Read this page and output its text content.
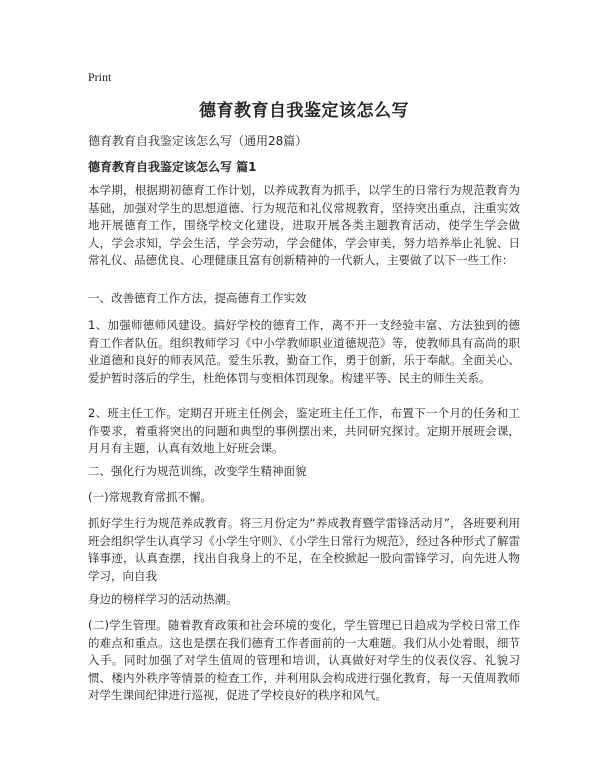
Print
德育教育自我鉴定该怎么写
德育教育自我鉴定该怎么写（通用28篇）
德育教育自我鉴定该怎么写 篇1

本学期，根据期初德育工作计划，以养成教育为抓手，以学生的日常行为规范教育为基础，加强对学生的思想道德、行为规范和礼仪常规教育，坚持突出重点，注重实效地开展德育工作，围绕学校文化建设，进取开展各类主题教育活动，使学生学会做人，学会求知，学会生活，学会劳动，学会健体，学会审美，努力培养举止礼貌、日常礼仪、品德优良、心理健康且富有创新精神的一代新人，主要做了以下一些工作：

一、改善德育工作方法，提高德育工作实效

1、加强师德师风建设。搞好学校的德育工作，离不开一支经验丰富、方法独到的德育工作者队伍。组织教师学习《中小学教师职业道德规范》等，使教师具有高尚的职业道德和良好的师表风范。爱生乐教，勤奋工作，勇于创新，乐于奉献。全面关心、爱护暂时落后的学生，杜绝体罚与变相体罚现象。构建平等、民主的师生关系。

2、班主任工作。定期召开班主任例会，鉴定班主任工作，布置下一个月的任务和工作要求，着重将突出的问题和典型的事例摆出来，共同研究探讨。定期开展班会课，月月有主题，认真有效地上好班会课。

二、强化行为规范训练，改变学生精神面貌

(一)常规教育常抓不懈。

抓好学生行为规范养成教育。将三月份定为“养成教育暨学雷锋活动月”，各班要利用班会组织学生认真学习《小学生守则》、《小学生日常行为规范》，经过各种形式了解雷锋事迹，认真查摆，找出自我身上的不足，在全校掀起一股向雷锋学习，向先进人物学习，向自我

身边的榜样学习的活动热潮。

(二)学生管理。随着教育政策和社会环境的变化，学生管理已日趋成为学校日常工作的难点和重点。这也是摆在我们德育工作者面前的一大难题。我们从小处着眼，细节入手。同时加强了对学生值周的管理和培训，认真做好对学生的仪表仪容、礼貌习惯、楼内外秩序等情景的检查工作，并利用队会构成进行强化教育，每一天值周教师对学生课间纪律进行巡视，促进了学校良好的秩序和风气。
